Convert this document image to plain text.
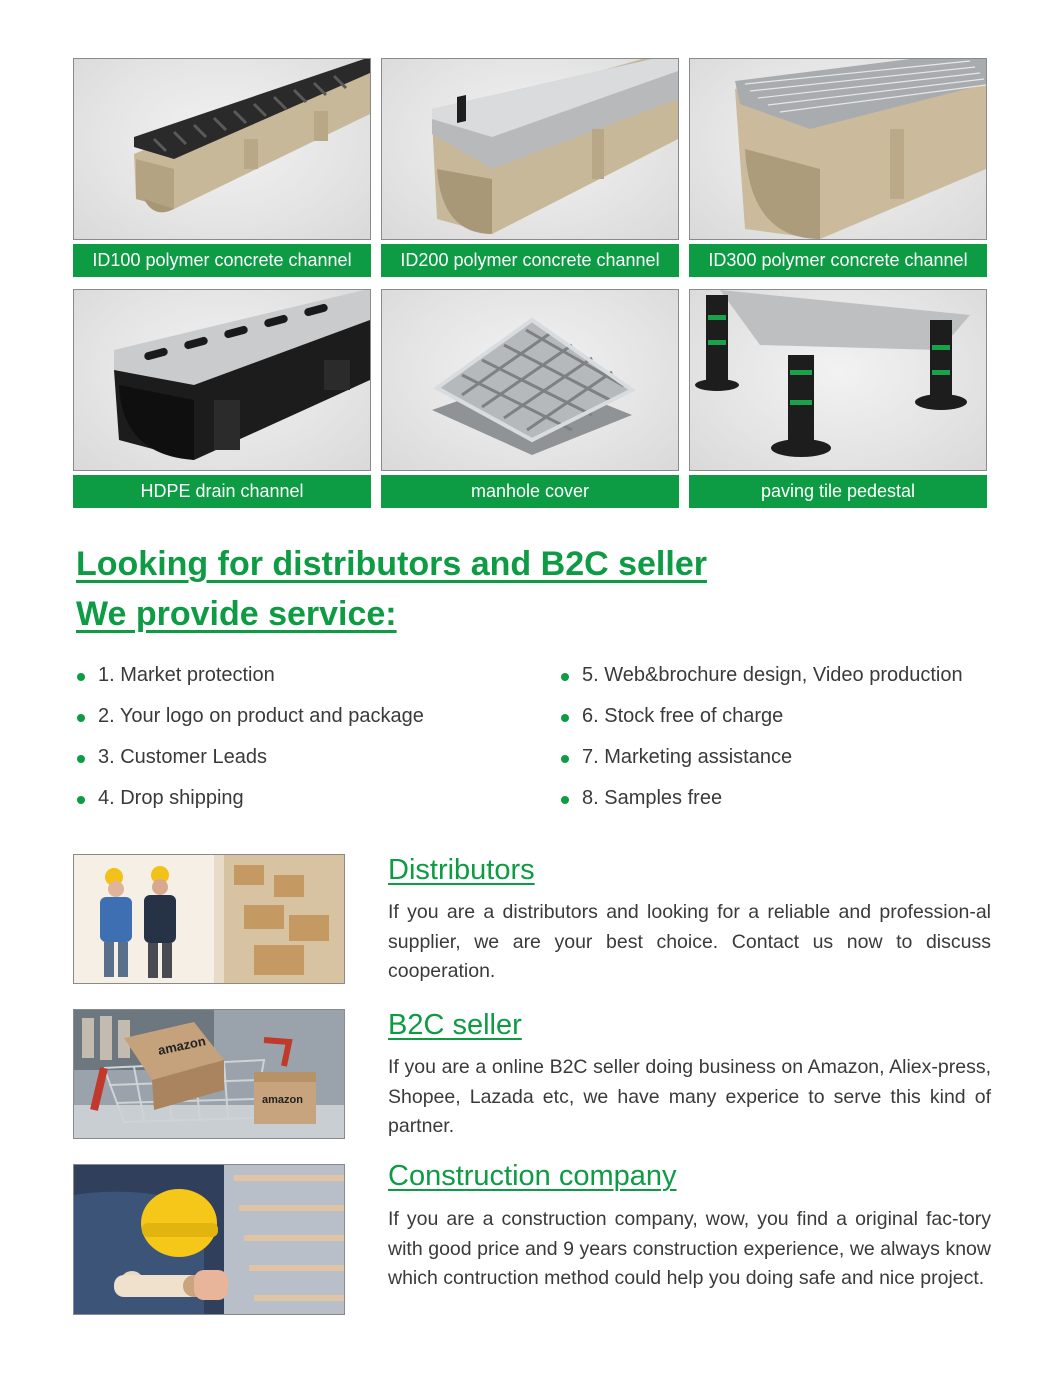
ID100 polymer concrete channel	ID200 polymer concrete channel	ID300 polymer concrete channel
HDPE drain channel	manhole cover	paving tile pedestal
Looking for distributors and B2C seller
We provide service:
1. Market protection
2. Your logo on product and package
3. Customer Leads
4. Drop shipping
5. Web&brochure design, Video production
6. Stock free of charge
7. Marketing assistance
8. Samples free
Distributors

If you are a distributors and looking for a reliable and profession-al supplier, we are your best choice. Contact us now to discuss cooperation.

amazon
amazon
B2C seller

If you are a online B2C seller doing business on Amazon, Aliex-press, Shopee, Lazada etc, we have many experice to serve this kind of partner.

Construction company

If you are a construction company, wow, you find a original fac-tory with good price and 9 years construction experience, we always know which contruction method could help you doing safe and nice project.
